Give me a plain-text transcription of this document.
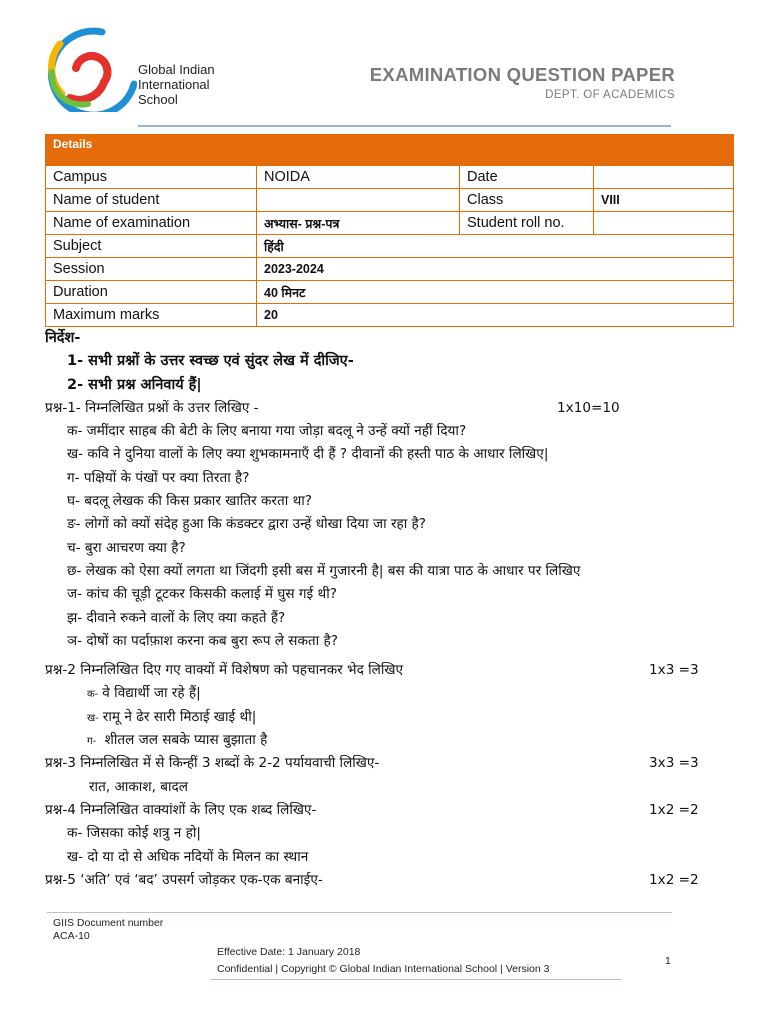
Global Indian
International
School
EXAMINATION QUESTION PAPER
DEPT. OF ACADEMICS
Details			
Campus	NOIDA	Date	
Name of student		Class	VIII
Name of examination	अभ्यास- प्रश्न-पत्र	Student roll no.	
Subject	हिंदी		
Session	2023-2024		
Duration	40 मिनट		
Maximum marks	20		
निर्देश-
1- सभी प्रश्नों के उत्तर स्वच्छ एवं सुंदर लेख में दीजिए-
2- सभी प्रश्न अनिवार्य हैं|
प्रश्न-1- निम्नलिखित प्रश्नों के उत्तर लिखिए -	1x10=10
क- जमींदार साहब की बेटी के लिए बनाया गया जोड़ा बदलू ने उन्हें क्यों नहीं दिया?
ख- कवि ने दुनिया वालों के लिए क्या शुभकामनाएँ दी हैं ? दीवानों की हस्ती पाठ के आधार लिखिए|
ग- पक्षियों के पंखों पर क्या तिरता है?
घ- बदलू लेखक की किस प्रकार खातिर करता था?
ङ- लोगों को क्यों संदेह हुआ कि कंडक्टर द्वारा उन्हें धोखा दिया जा रहा है?
च- बुरा आचरण क्या है?
छ- लेखक को ऐसा क्यों लगता था जिंदगी इसी बस में गुजारनी है| बस की यात्रा पाठ के आधार पर लिखिए
ज- कांच की चूड़ी टूटकर किसकी कलाई में घुस गई थी?
झ- दीवाने रुकने वालों के लिए क्या कहते हैं?
ञ- दोषों का पर्दाफ़ाश करना कब बुरा रूप ले सकता है?
प्रश्न-2 निम्नलिखित दिए गए वाक्यों में विशेषण को पहचानकर भेद लिखिए	1x3 =3
क- वे विद्यार्थी जा रहे हैं|
ख- रामू ने ढेर सारी मिठाई खाई थी|
ग- शीतल जल सबके प्यास बुझाता है
प्रश्न-3 निम्नलिखित में से किन्हीं 3 शब्दों के 2-2 पर्यायवाची लिखिए-	3x3 =3
रात, आकाश, बादल
प्रश्न-4 निम्नलिखित वाक्यांशों के लिए एक शब्द लिखिए-	1x2 =2
क- जिसका कोई शत्रु न हो|
ख- दो या दो से अधिक नदियों के मिलन का स्थान
प्रश्न-5 ‘अति’ एवं ‘बद’ उपसर्ग जोड़कर एक-एक बनाईए-	1x2 =2
GIIS Document number
ACA-10
Effective Date: 1 January 2018
Confidential | Copyright © Global Indian International School | Version 3
1
